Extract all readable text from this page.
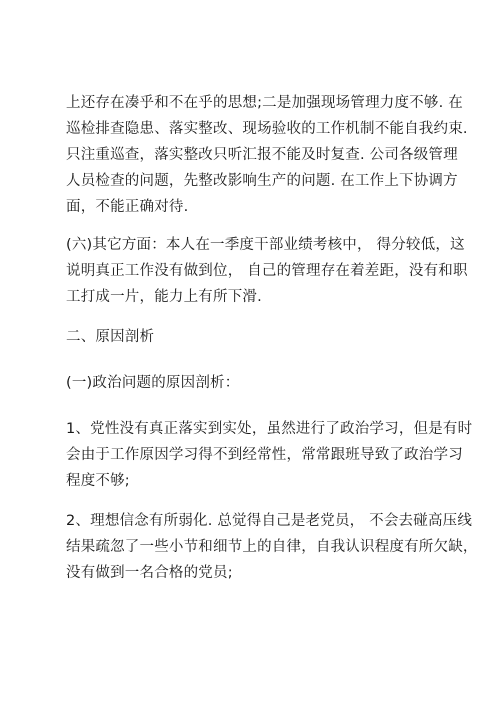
上还存在凑乎和不在乎的思想;二是加强现场管理力度不够. 在
巡检排查隐患、落实整改、现场验收的工作机制不能自我约束.
只注重巡查，落实整改只听汇报不能及时复查. 公司各级管理
人员检查的问题，先整改影响生产的问题. 在工作上下协调方
面，不能正确对待.
(六)其它方面：本人在一季度干部业绩考核中， 得分较低，这
说明真正工作没有做到位， 自己的管理存在着差距，没有和职
工打成一片，能力上有所下滑.
二、原因剖析
(一)政治问题的原因剖析：
1、党性没有真正落实到实处，虽然进行了政治学习，但是有时
会由于工作原因学习得不到经常性，常常跟班导致了政治学习
程度不够;
2、理想信念有所弱化. 总觉得自己是老党员， 不会去碰高压线
结果疏忽了一些小节和细节上的自律，自我认识程度有所欠缺，
没有做到一名合格的党员;
